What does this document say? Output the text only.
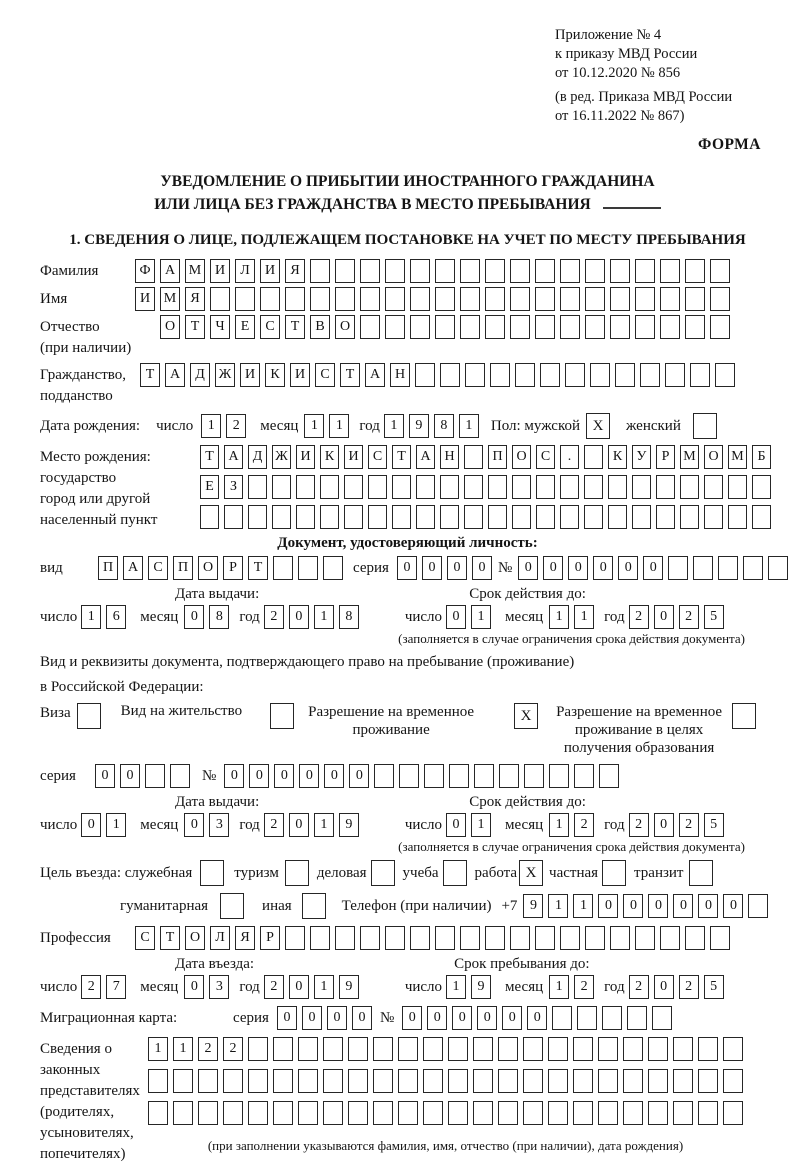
Приложение № 4
к приказу МВД России
от 10.12.2020 № 856
(в ред. Приказа МВД России
от 16.11.2022 № 867)
ФОРМА
УВЕДОМЛЕНИЕ О ПРИБЫТИИ ИНОСТРАННОГО ГРАЖДАНИНА
ИЛИ ЛИЦА БЕЗ ГРАЖДАНСТВА В МЕСТО ПРЕБЫВАНИЯ
1. СВЕДЕНИЯ О ЛИЦЕ, ПОДЛЕЖАЩЕМ ПОСТАНОВКЕ НА УЧЕТ ПО МЕСТУ ПРЕБЫВАНИЯ
Фамилия	Ф	А М И	Л	И	Я
Имя	И М	Я
Отчество
(при наличии)
О	Т	Ч	Е	С	Т	В	О
Гражданство,
подданство
Т	А	Д Ж И	К	И	С	Т	А	Н
Дата рождения: число	1	2	месяц 1	1	год 1	9	8	1	Пол: мужской X	женский
Место рождения:
государство
город или другой
населенный пункт
Т	А	Д Ж И	К	И	С	Т	А Н	П О	С	.	К	У	Р М О М Б
Е	З
Документ, удостоверяющий личность:
вид	П	А	С	П	О	Р	Т	серия	0	0	0	0 № 0	0	0	0	0	0
Дата выдачи:	Срок действия до:
число 1	6	месяц 0	8	год 2	0	1	8	число 0	1	месяц 1	1	год 2	0	2	5
(заполняется в случае ограничения срока действия документа)
Вид и реквизиты документа, подтверждающего право на пребывание (проживание)
в Российской Федерации:
Виза	Вид на жительство	Разрешение на временное
проживание
X	Разрешение на временное
проживание в целях
получения образования
серия	0	0	№	0	0	0	0	0	0
Дата выдачи:	Срок действия до:
число 0	1	месяц 0	3	год 2	0	1	9	число 0	1	месяц 1	2	год 2	0	2	5
(заполняется в случае ограничения срока действия документа)
Цель въезда: служебная	туризм	деловая учеба работа X частная транзит
гуманитарная	иная	Телефон (при наличии) +7 9	1	1	0	0	0	0	0	0
Профессия	С	Т	О	Л	Я	Р
Дата въезда:	Срок пребывания до:
число 2	7	месяц 0	3	год 2	0	1	9	число 1	9	месяц 1	2	год 2	0	2	5
Миграционная карта:	серия	0	0	0	0 №	0	0	0	0	0	0
Сведения о
законных
представителях
(родителях,
усыновителях,
попечителях)
1	1	2	2
(при заполнении указываются фамилия, имя, отчество (при наличии), дата рождения)
